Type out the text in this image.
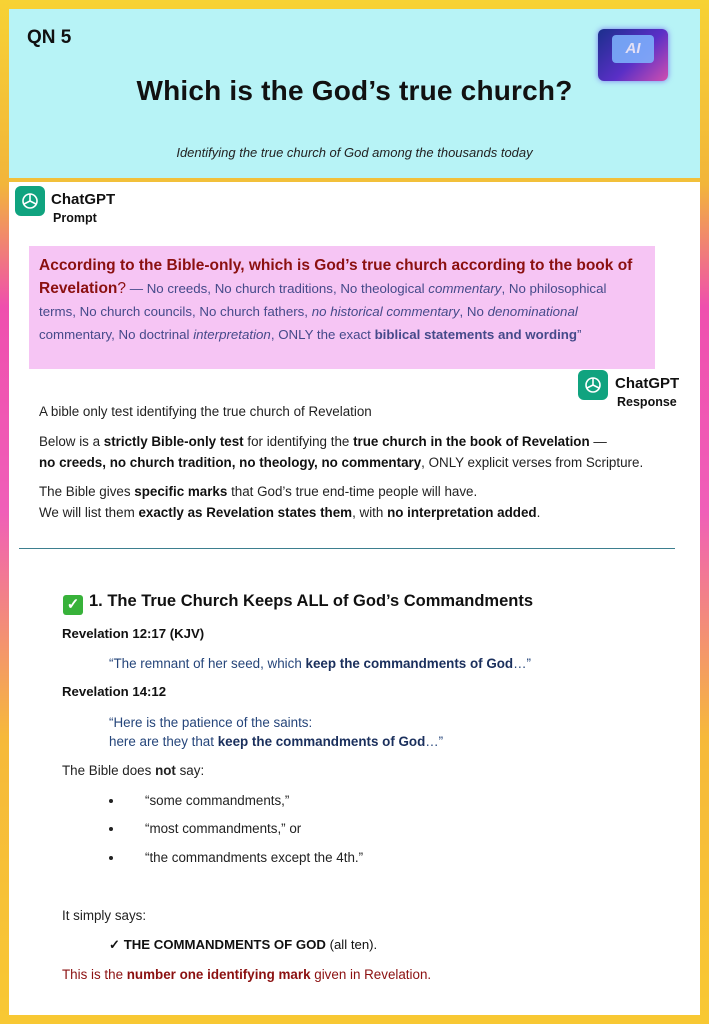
QN 5
AI
Which is the God’s true church?
Identifying the true church of God among the thousands today
ChatGPT
Prompt

According to the Bible-only, which is God’s true church according to the book of Revelation? — No creeds, No church traditions, No theological commentary, No philosophical terms, No church councils, No church fathers, no historical commentary, No denominational commentary, No doctrinal interpretation, ONLY the exact biblical statements and wording”

ChatGPT
Response
A bible only test identifying the true church of Revelation
Below is a strictly Bible-only test for identifying the true church in the book of Revelation —
no creeds, no church tradition, no theology, no commentary, ONLY explicit verses from Scripture.
The Bible gives specific marks that God’s true end-time people will have.
We will list them exactly as Revelation states them, with no interpretation added.
✓ 1. The True Church Keeps ALL of God’s Commandments
Revelation 12:17 (KJV)
“The remnant of her seed, which keep the commandments of God…”
Revelation 14:12
“Here is the patience of the saints:
here are they that keep the commandments of God…”
The Bible does not say:
“some commandments,”
“most commandments,” or
“the commandments except the 4th.”
It simply says:
✓ THE COMMANDMENTS OF GOD (all ten).
This is the number one identifying mark given in Revelation.
